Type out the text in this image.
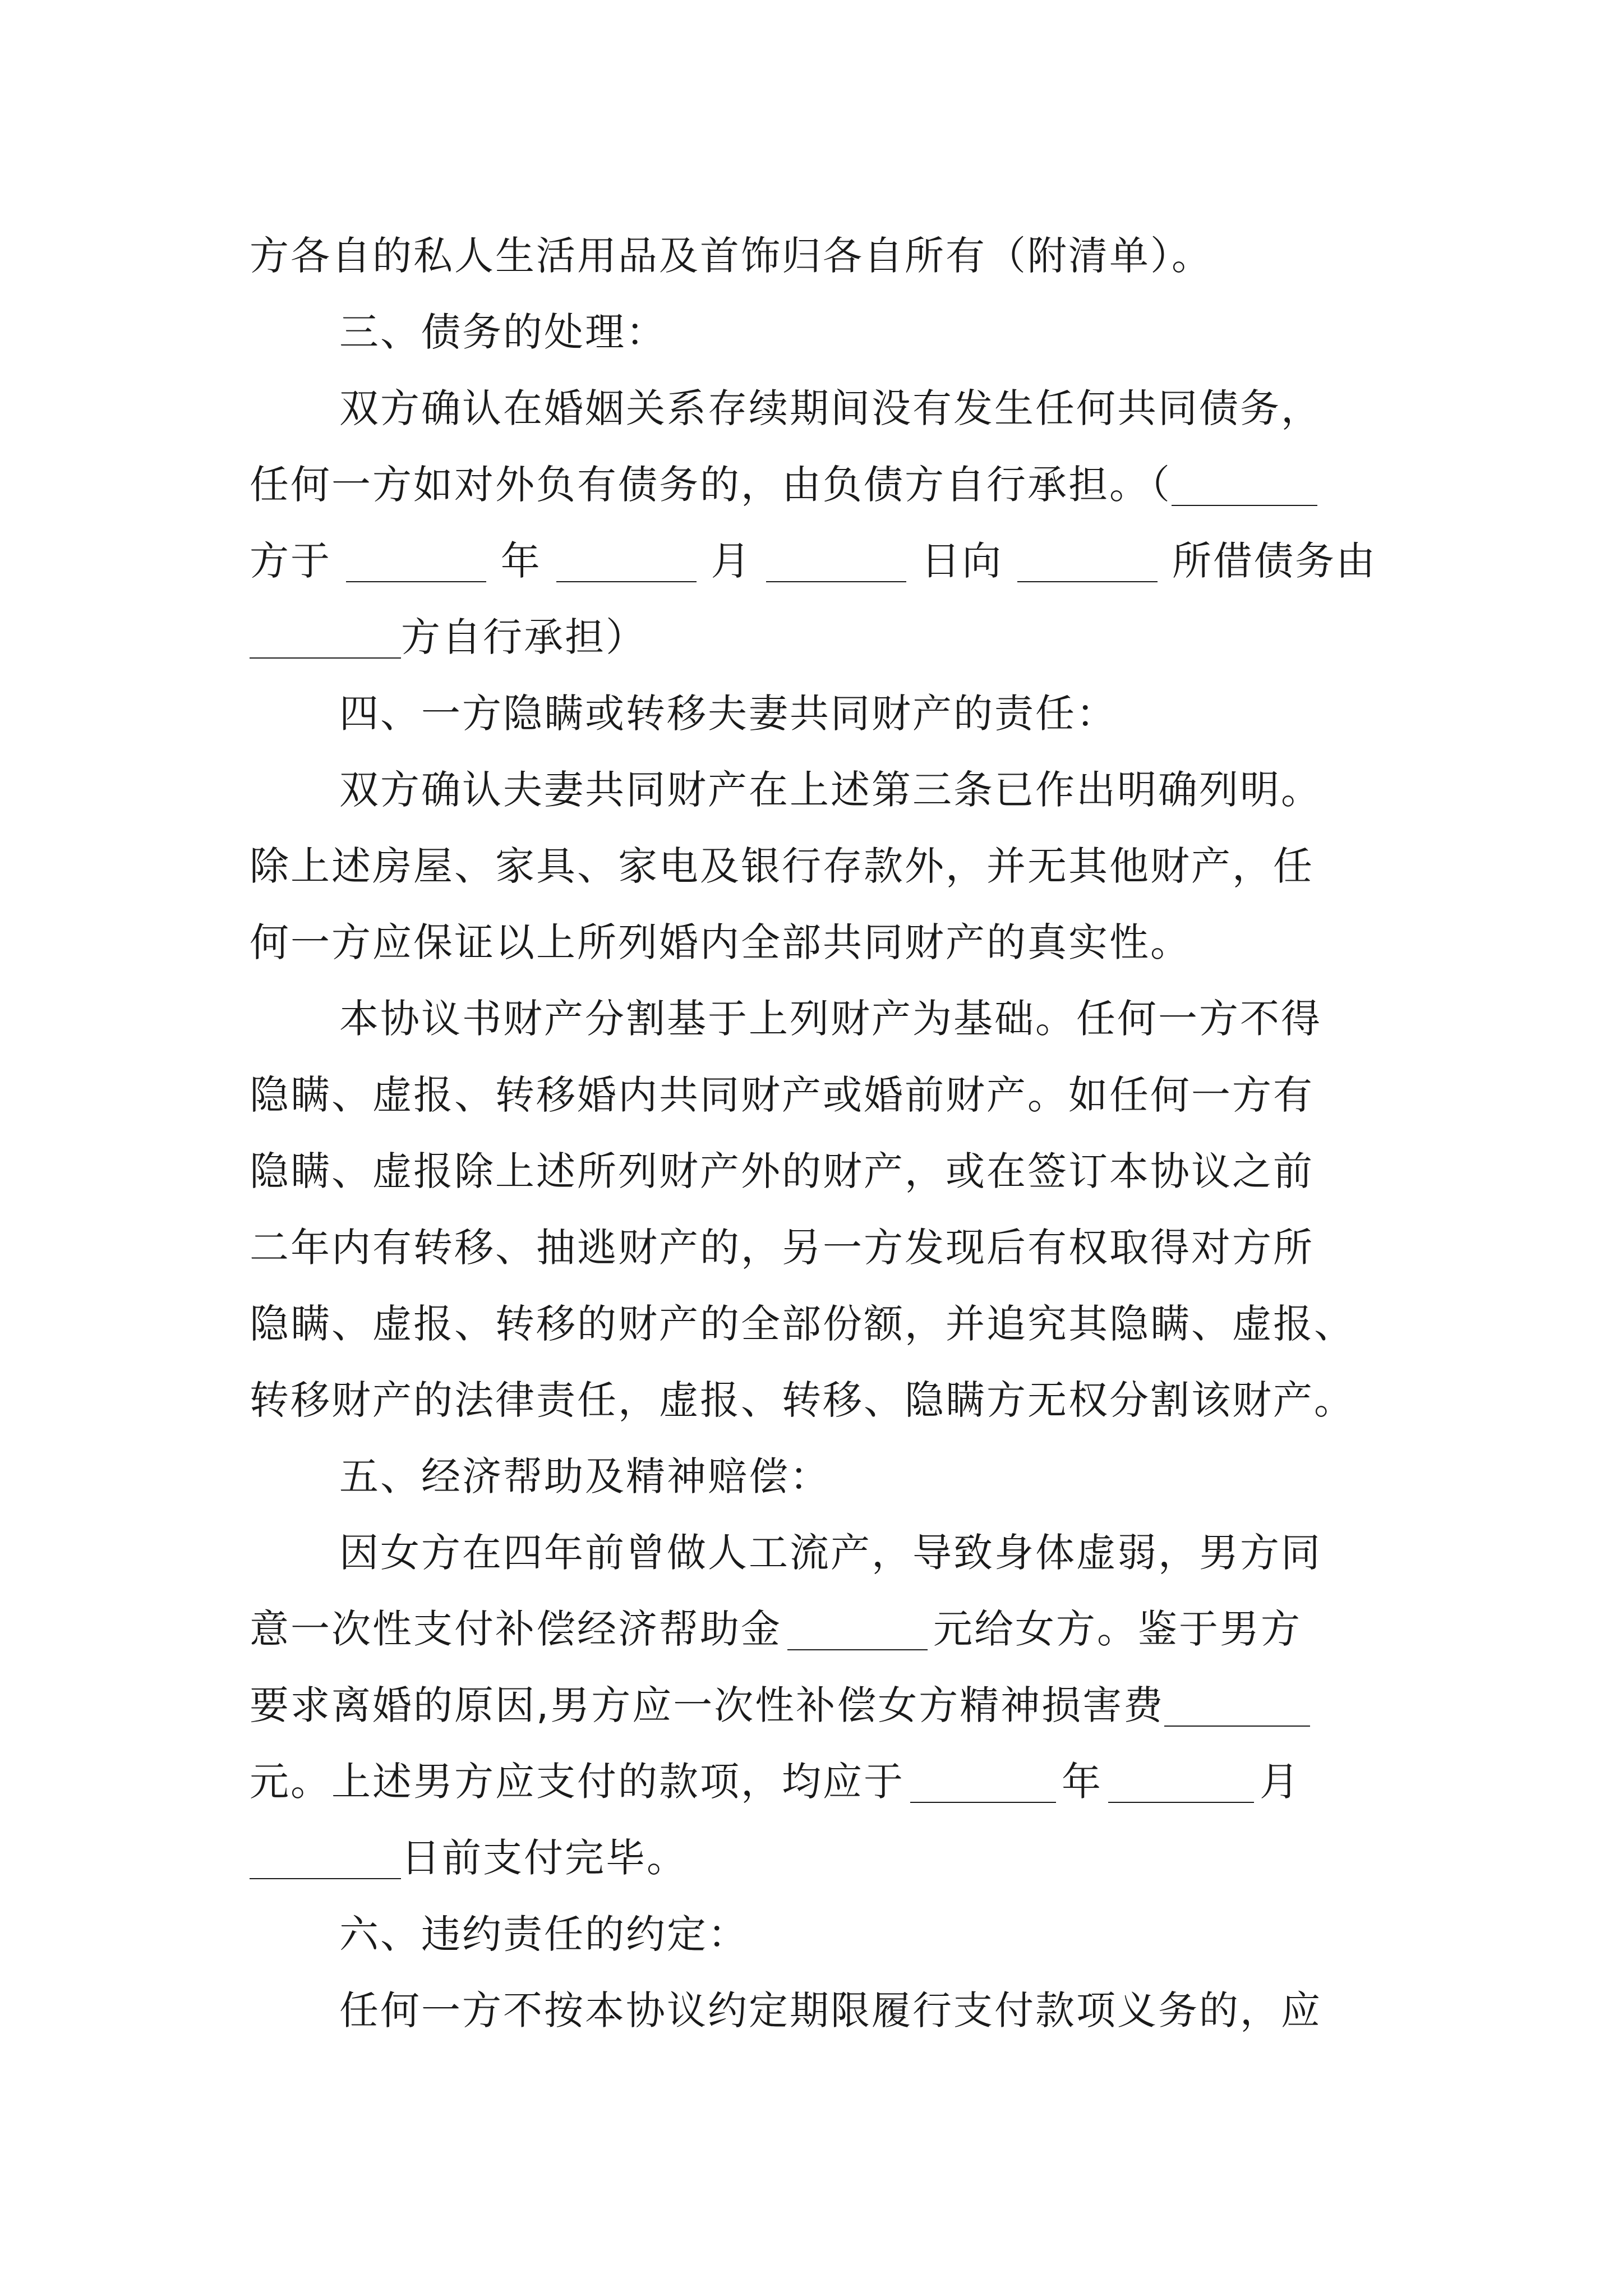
方各自的私人生活用品及首饰归各自所有（附清单）。
三、债务的处理：
双方确认在婚姻关系存续期间没有发生任何共同债务，
任何一方如对外负有债务的，由负债方自行承担。（
方于	年	月	日向	所借债务由
方自行承担）
四、一方隐瞒或转移夫妻共同财产的责任：
双方确认夫妻共同财产在上述第三条已作出明确列明。
除上述房屋、家具、家电及银行存款外，并无其他财产，任
何一方应保证以上所列婚内全部共同财产的真实性。
本协议书财产分割基于上列财产为基础。任何一方不得
隐瞒、虚报、转移婚内共同财产或婚前财产。如任何一方有
隐瞒、虚报除上述所列财产外的财产，或在签订本协议之前
二年内有转移、抽逃财产的，另一方发现后有权取得对方所
隐瞒、虚报、转移的财产的全部份额，并追究其隐瞒、虚报、
转移财产的法律责任，虚报、转移、隐瞒方无权分割该财产。
五、经济帮助及精神赔偿：
因女方在四年前曾做人工流产，导致身体虚弱，男方同
意一次性支付补偿经济帮助金	元给女方。鉴于男方
要求离婚的原因,男方应一次性补偿女方精神损害费
元。上述男方应支付的款项，均应于	年	月
日前支付完毕。
六、违约责任的约定：
任何一方不按本协议约定期限履行支付款项义务的，应
